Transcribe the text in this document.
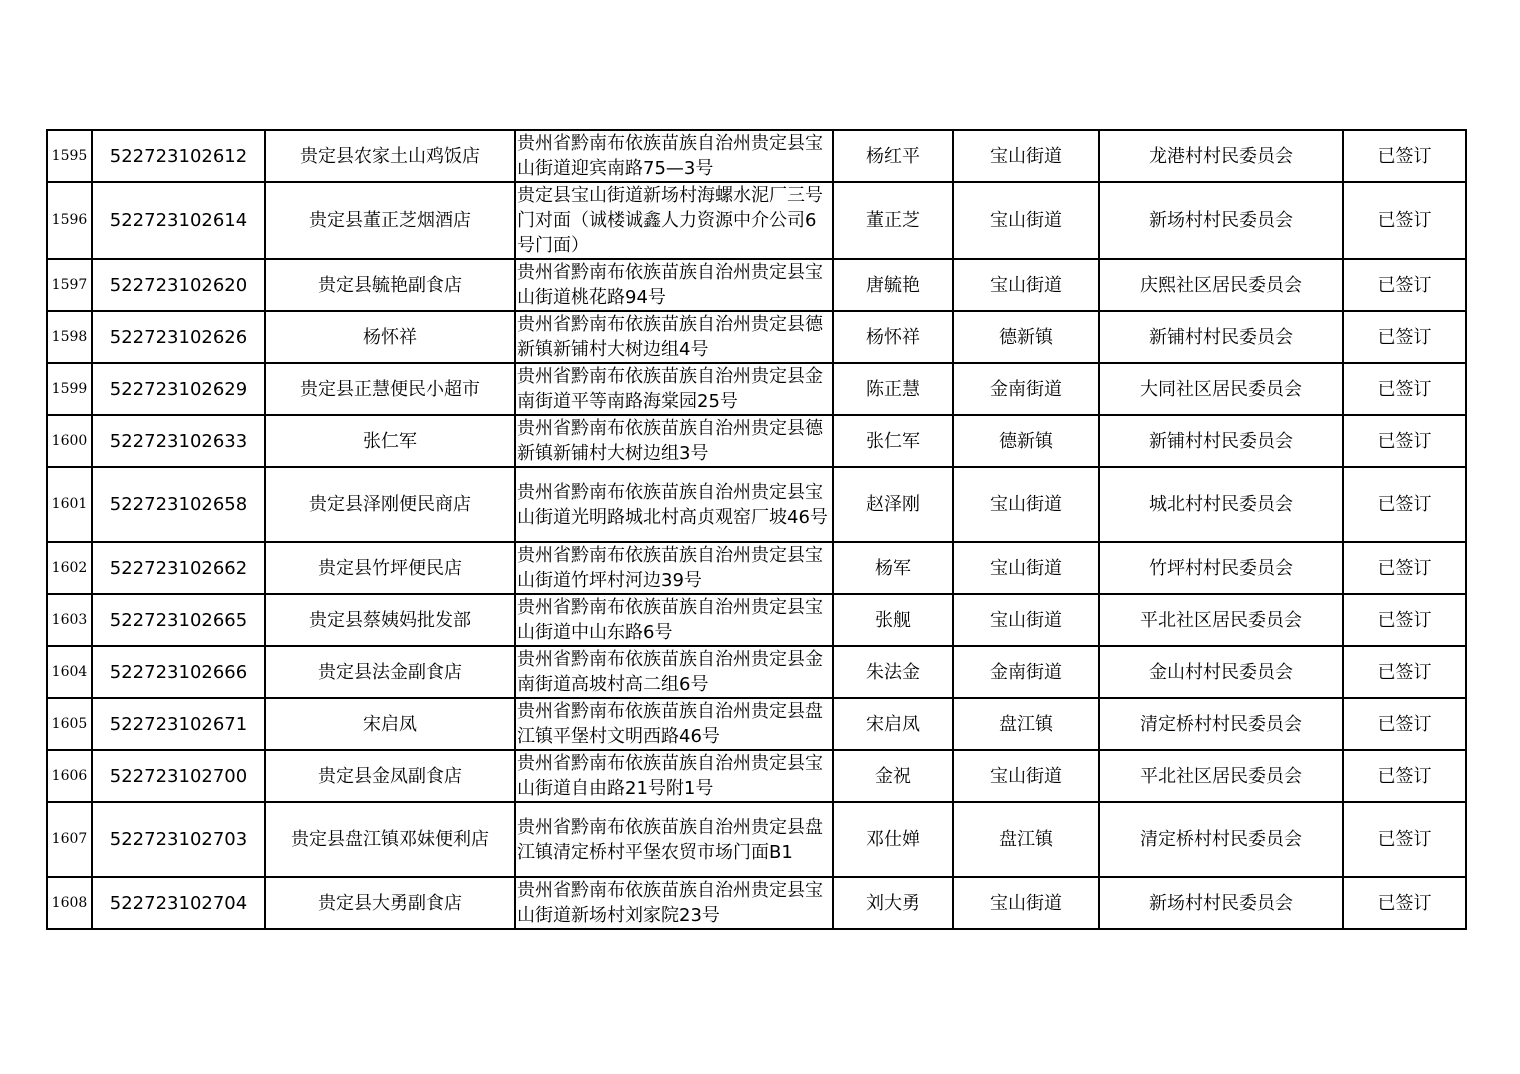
1595	522723102612	贵定县农家土山鸡饭店	贵州省黔南布依族苗族自治州贵定县宝山街道迎宾南路75—3号	杨红平	宝山街道	龙港村村民委员会	已签订
1596	522723102614	贵定县董正芝烟酒店	贵定县宝山街道新场村海螺水泥厂三号门对面（诚楼诚鑫人力资源中介公司6号门面）	董正芝	宝山街道	新场村村民委员会	已签订
1597	522723102620	贵定县毓艳副食店	贵州省黔南布依族苗族自治州贵定县宝山街道桃花路94号	唐毓艳	宝山街道	庆熙社区居民委员会	已签订
1598	522723102626	杨怀祥	贵州省黔南布依族苗族自治州贵定县德新镇新铺村大树边组4号	杨怀祥	德新镇	新铺村村民委员会	已签订
1599	522723102629	贵定县正慧便民小超市	贵州省黔南布依族苗族自治州贵定县金南街道平等南路海棠园25号	陈正慧	金南街道	大同社区居民委员会	已签订
1600	522723102633	张仁军	贵州省黔南布依族苗族自治州贵定县德新镇新铺村大树边组3号	张仁军	德新镇	新铺村村民委员会	已签订
1601	522723102658	贵定县泽刚便民商店	贵州省黔南布依族苗族自治州贵定县宝山街道光明路城北村高贞观窑厂坡46号	赵泽刚	宝山街道	城北村村民委员会	已签订
1602	522723102662	贵定县竹坪便民店	贵州省黔南布依族苗族自治州贵定县宝山街道竹坪村河边39号	杨军	宝山街道	竹坪村村民委员会	已签订
1603	522723102665	贵定县蔡姨妈批发部	贵州省黔南布依族苗族自治州贵定县宝山街道中山东路6号	张舰	宝山街道	平北社区居民委员会	已签订
1604	522723102666	贵定县法金副食店	贵州省黔南布依族苗族自治州贵定县金南街道高坡村高二组6号	朱法金	金南街道	金山村村民委员会	已签订
1605	522723102671	宋启凤	贵州省黔南布依族苗族自治州贵定县盘江镇平堡村文明西路46号	宋启凤	盘江镇	清定桥村村民委员会	已签订
1606	522723102700	贵定县金凤副食店	贵州省黔南布依族苗族自治州贵定县宝山街道自由路21号附1号	金祝	宝山街道	平北社区居民委员会	已签订
1607	522723102703	贵定县盘江镇邓妹便利店	贵州省黔南布依族苗族自治州贵定县盘江镇清定桥村平堡农贸市场门面B1	邓仕婵	盘江镇	清定桥村村民委员会	已签订
1608	522723102704	贵定县大勇副食店	贵州省黔南布依族苗族自治州贵定县宝山街道新场村刘家院23号	刘大勇	宝山街道	新场村村民委员会	已签订
